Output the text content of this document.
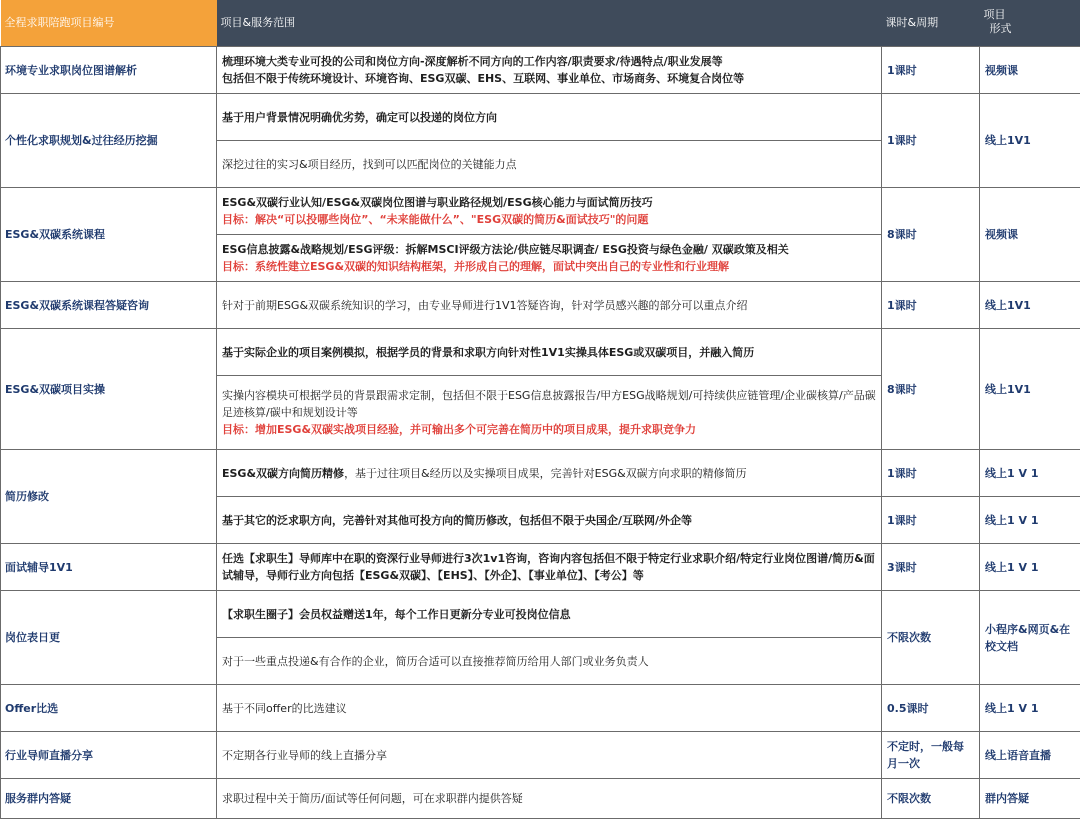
全程求职陪跑项目编号	项目&服务范围	课时&周期	项目
形式

环境专业求职岗位图谱解析	梳理环境大类专业可投的公司和岗位方向-深度解析不同方向的工作内容/职责要求/待遇特点/职业发展等
包括但不限于传统环境设计、环境咨询、ESG双碳、EHS、互联网、事业单位、市场商务、环境复合岗位等	1课时	视频课
个性化求职规划&过往经历挖掘	基于用户背景情况明确优劣势，确定可以投递的岗位方向	1课时	线上1V1
	深挖过往的实习&项目经历，找到可以匹配岗位的关键能力点		
ESG&双碳系统课程	ESG&双碳行业认知/ESG&双碳岗位图谱与职业路径规划/ESG核心能力与面试简历技巧
目标：解决“可以投哪些岗位”、“未来能做什么”、"ESG双碳的简历&面试技巧"的问题	8课时	视频课

	ESG信息披露&战略规划/ESG评级：拆解MSCI评级方法论/供应链尽职调查/ ESG投资与绿色金融/ 双碳政策及相关
目标：系统性建立ESG&双碳的知识结构框架，并形成自己的理解，面试中突出自己的专业性和行业理解		

ESG&双碳系统课程答疑咨询	针对于前期ESG&双碳系统知识的学习，由专业导师进行1V1答疑咨询，针对学员感兴趣的部分可以重点介绍	1课时	线上1V1
ESG&双碳项目实操	基于实际企业的项目案例模拟，根据学员的背景和求职方向针对性1V1实操具体ESG或双碳项目，并融入简历	8课时	线上1V1

	实操内容模块可根据学员的背景跟需求定制，包括但不限于ESG信息披露报告/甲方ESG战略规划/可持续供应链管理/企业碳核算/产品碳足迹核算/碳中和规划设计等
目标：增加ESG&双碳实战项目经验，并可输出多个可完善在简历中的项目成果，提升求职竞争力		

简历修改	ESG&双碳方向简历精修，基于过往项目&经历以及实操项目成果，完善针对ESG&双碳方向求职的精修简历	1课时	线上1 V 1
	基于其它的泛求职方向，完善针对其他可投方向的简历修改，包括但不限于央国企/互联网/外企等	1课时	线上1 V 1
面试辅导1V1	任选【求职生】导师库中在职的资深行业导师进行3次1v1咨询，咨询内容包括但不限于特定行业求职介绍/特定行业岗位图谱/简历&面试辅导，导师行业方向包括【ESG&双碳】、【EHS】、【外企】、【事业单位】、【考公】等	3课时	线上1 V 1
岗位表日更	【求职生圈子】会员权益赠送1年，每个工作日更新分专业可投岗位信息	不限次数	小程序&网页&在校文档
	对于一些重点投递&有合作的企业，简历合适可以直接推荐简历给用人部门或业务负责人		
Offer比选	基于不同offer的比选建议	0.5课时	线上1 V 1
行业导师直播分享	不定期各行业导师的线上直播分享	不定时，一般每月一次	线上语音直播
服务群内答疑	求职过程中关于简历/面试等任何问题，可在求职群内提供答疑	不限次数	群内答疑
